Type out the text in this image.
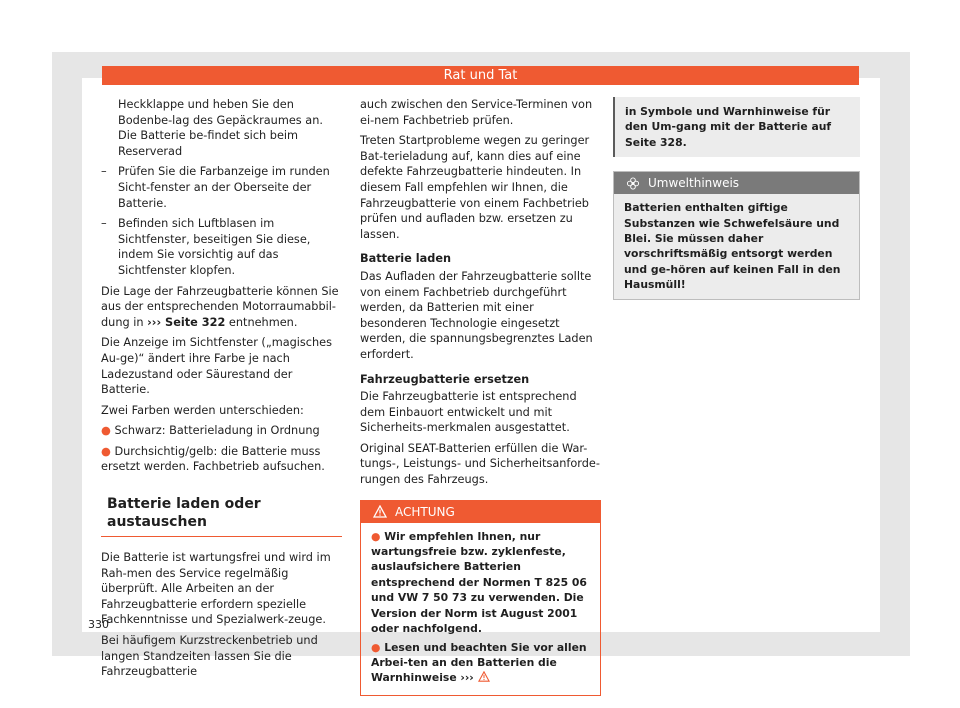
Rat und Tat

Heckklappe und heben Sie den Bodenbe-lag des Gepäckraumes an. Die Batterie be-findet sich beim Reserverad

– Prüfen Sie die Farbanzeige im runden Sicht-fenster an der Oberseite der Batterie.

– Befinden sich Luftblasen im Sichtfenster, beseitigen Sie diese, indem Sie vorsichtig auf das Sichtfenster klopfen.

Die Lage der Fahrzeugbatterie können Sie aus der entsprechenden Motorraumabbil-dung in ››› Seite 322 entnehmen.

Die Anzeige im Sichtfenster („magisches Au-ge)“ ändert ihre Farbe je nach Ladezustand oder Säurestand der Batterie.

Zwei Farben werden unterschieden:

● Schwarz: Batterieladung in Ordnung

● Durchsichtig/gelb: die Batterie muss ersetzt werden. Fachbetrieb aufsuchen.

Batterie laden oder austauschen

Die Batterie ist wartungsfrei und wird im Rah-men des Service regelmäßig überprüft. Alle Arbeiten an der Fahrzeugbatterie erfordern spezielle Fachkenntnisse und Spezialwerk-zeuge.

Bei häufigem Kurzstreckenbetrieb und langen Standzeiten lassen Sie die Fahrzeugbatterie

auch zwischen den Service-Terminen von ei-nem Fachbetrieb prüfen.

Treten Startprobleme wegen zu geringer Bat-terieladung auf, kann dies auf eine defekte Fahrzeugbatterie hindeuten. In diesem Fall empfehlen wir Ihnen, die Fahrzeugbatterie von einem Fachbetrieb prüfen und aufladen bzw. ersetzen zu lassen.

Batterie laden

Das Aufladen der Fahrzeugbatterie sollte von einem Fachbetrieb durchgeführt werden, da Batterien mit einer besonderen Technologie eingesetzt werden, die spannungsbegrenztes Laden erfordert.

Fahrzeugbatterie ersetzen

Die Fahrzeugbatterie ist entsprechend dem Einbauort entwickelt und mit Sicherheits-merkmalen ausgestattet.

Original SEAT-Batterien erfüllen die War-tungs-, Leistungs- und Sicherheitsanforde-rungen des Fahrzeugs.

ACHTUNG

● Wir empfehlen Ihnen, nur wartungsfreie bzw. zyklenfeste, auslaufsichere Batterien entsprechend der Normen T 825 06 und VW 7 50 73 zu verwenden. Die Version der Norm ist August 2001 oder nachfolgend.

● Lesen und beachten Sie vor allen Arbei-ten an den Batterien die Warnhinweise ›››

in Symbole und Warnhinweise für den Um-gang mit der Batterie auf Seite 328.
Umwelthinweis
Batterien enthalten giftige Substanzen wie Schwefelsäure und Blei. Sie müssen daher vorschriftsmäßig entsorgt werden und ge-hören auf keinen Fall in den Hausmüll!
330
